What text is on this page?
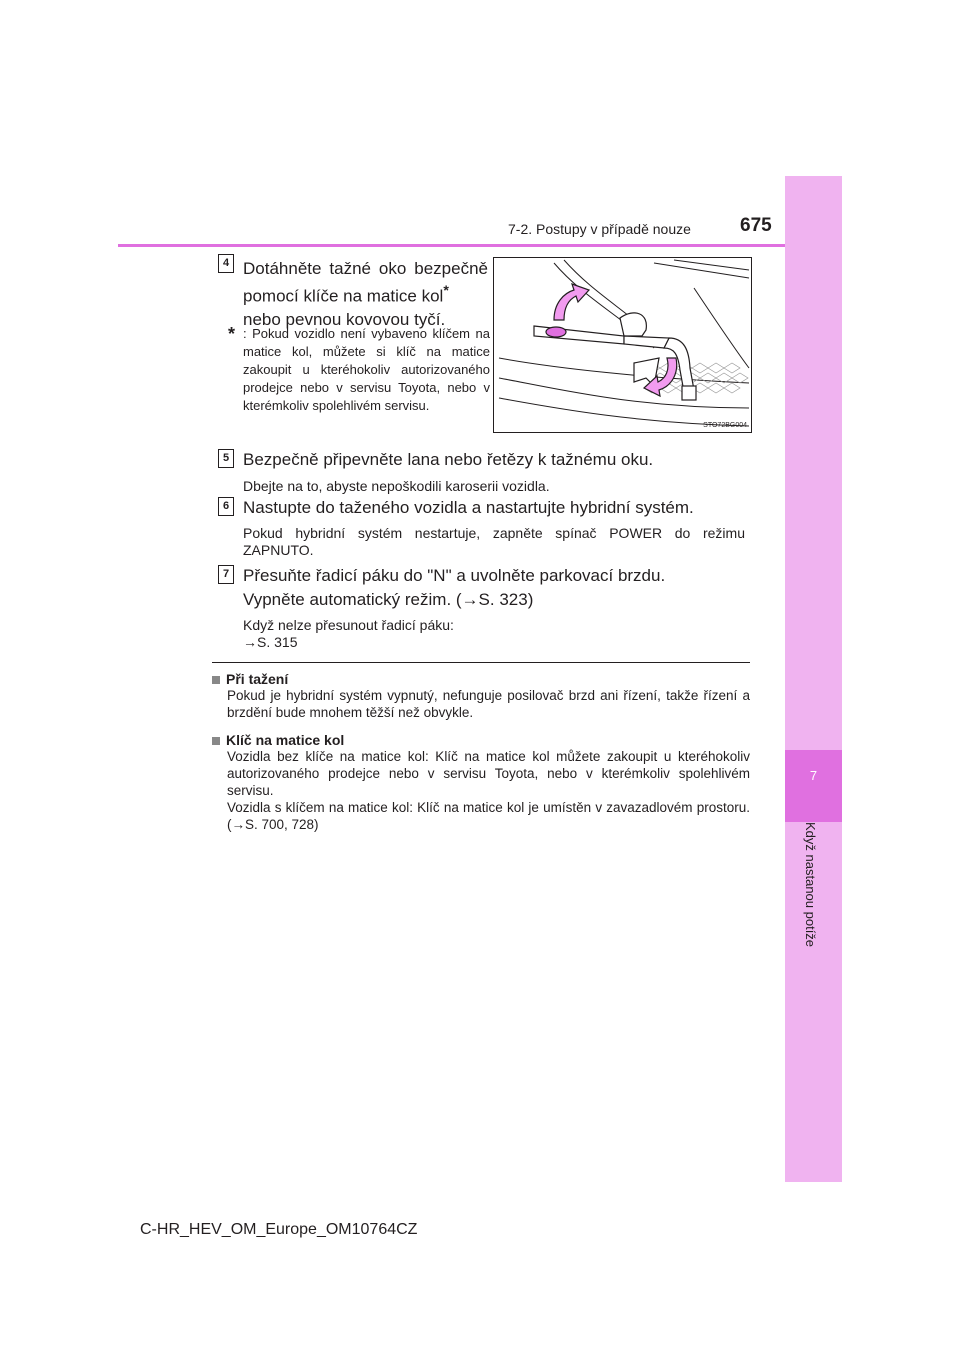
7
Když nastanou potíže
7-2. Postupy v případě nouze	675
4 Dotáhněte tažné oko bezpečně pomocí klíče na matice kol*
nebo pevnou kovovou tyčí.
* : Pokud vozidlo není vybaveno klíčem na matice kol, můžete si klíč na matice zakoupit u kteréhokoliv autorizovaného prodejce nebo v servisu Toyota, nebo v kterémkoliv spolehlivém servisu.
STO72BG004
5 Bezpečně připevněte lana nebo řetězy k tažnému oku.
Dbejte na to, abyste nepoškodili karoserii vozidla.
6 Nastupte do taženého vozidla a nastartujte hybridní systém.
Pokud hybridní systém nestartuje, zapněte spínač POWER do režimu ZAPNUTO.
7 Přesuňte řadicí páku do "N" a uvolněte parkovací brzdu.
Vypněte automatický režim. (→S. 323)
Když nelze přesunout řadicí páku:
→S. 315
Při tažení
Pokud je hybridní systém vypnutý, nefunguje posilovač brzd ani řízení, takže řízení a brzdění bude mnohem těžší než obvykle.
Klíč na matice kol
Vozidla bez klíče na matice kol: Klíč na matice kol můžete zakoupit u kteréhokoliv autorizovaného prodejce nebo v servisu Toyota, nebo v kterémkoliv spolehlivém servisu.
Vozidla s klíčem na matice kol: Klíč na matice kol je umístěn v zavazadlovém prostoru. (→S. 700, 728)
C-HR_HEV_OM_Europe_OM10764CZ
